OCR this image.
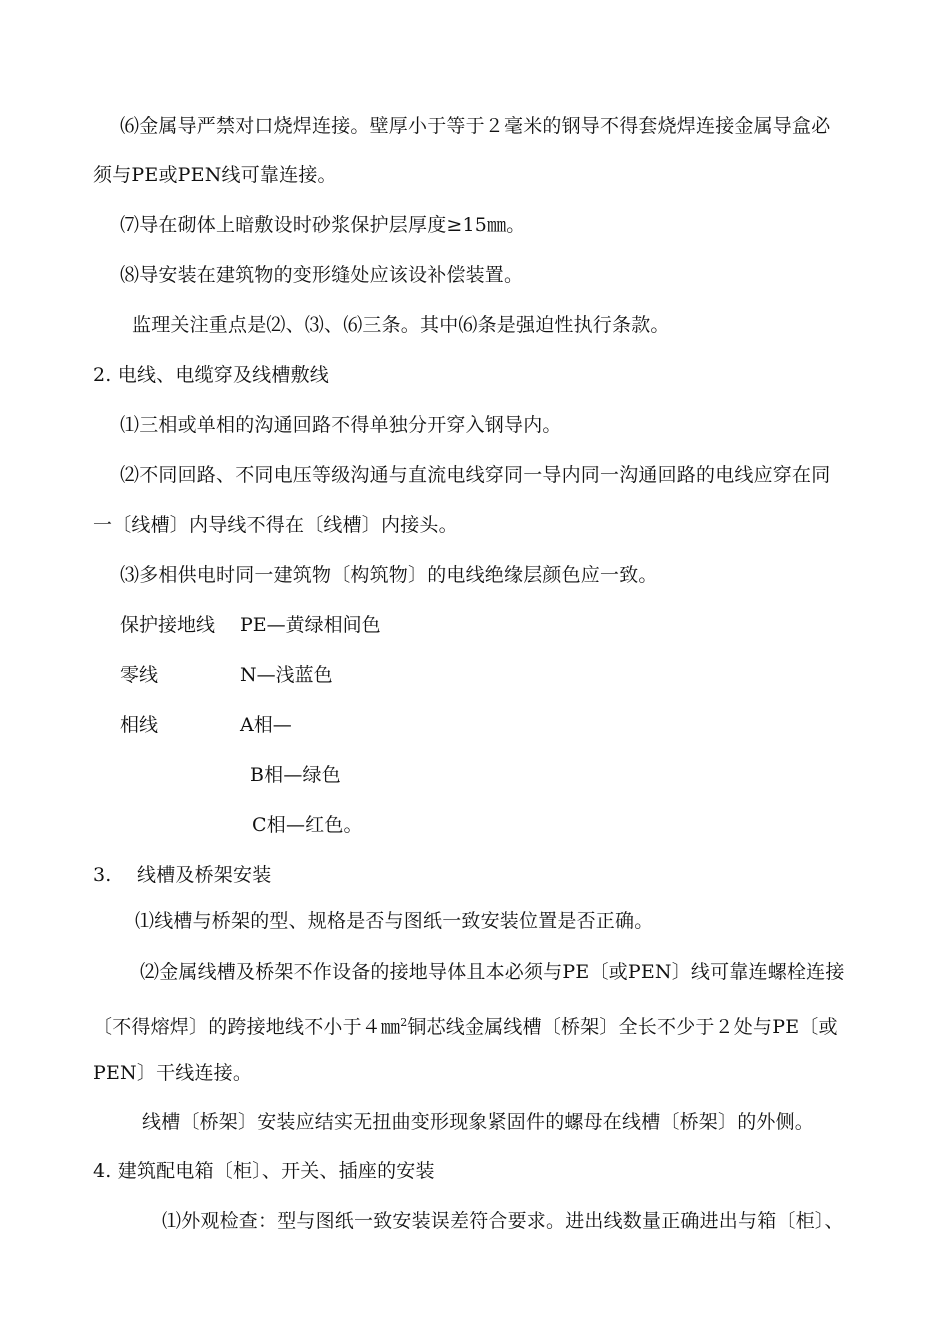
⑹金属导严禁对口烧焊连接。壁厚小于等于２毫米的钢导不得套烧焊连接金属导盒必
须与PE或PEN线可靠连接。
⑺导在砌体上暗敷设时砂浆保护层厚度≥15㎜。
⑻导安装在建筑物的变形缝处应该设补偿装置。
监理关注重点是⑵、⑶、⑹三条。其中⑹条是强迫性执行条款。
2. 电线、电缆穿及线槽敷线
⑴三相或单相的沟通回路不得单独分开穿入钢导内。
⑵不同回路、不同电压等级沟通与直流电线穿同一导内同一沟通回路的电线应穿在同
一〔线槽〕内导线不得在〔线槽〕内接头。
⑶多相供电时同一建筑物〔构筑物〕的电线绝缘层颜色应一致。
保护接地线 PE—黄绿相间色
零线	N—浅蓝色
相线	A相—
B相—绿色
C相—红色。
3. 线槽及桥架安装
⑴线槽与桥架的型、规格是否与图纸一致安装位置是否正确。
⑵金属线槽及桥架不作设备的接地导体且本必须与PE〔或PEN〕线可靠连螺栓连接
〔不得熔焊〕的跨接地线不小于４㎜$^2$铜芯线金属线槽〔桥架〕全长不少于２处与PE〔或
PEN〕干线连接。
线槽〔桥架〕安装应结实无扭曲变形现象紧固件的螺母在线槽〔桥架〕的外侧。
4. 建筑配电箱〔柜〕、开关、插座的安装
⑴外观检查：型与图纸一致安装误差符合要求。进出线数量正确进出与箱〔柜〕、
